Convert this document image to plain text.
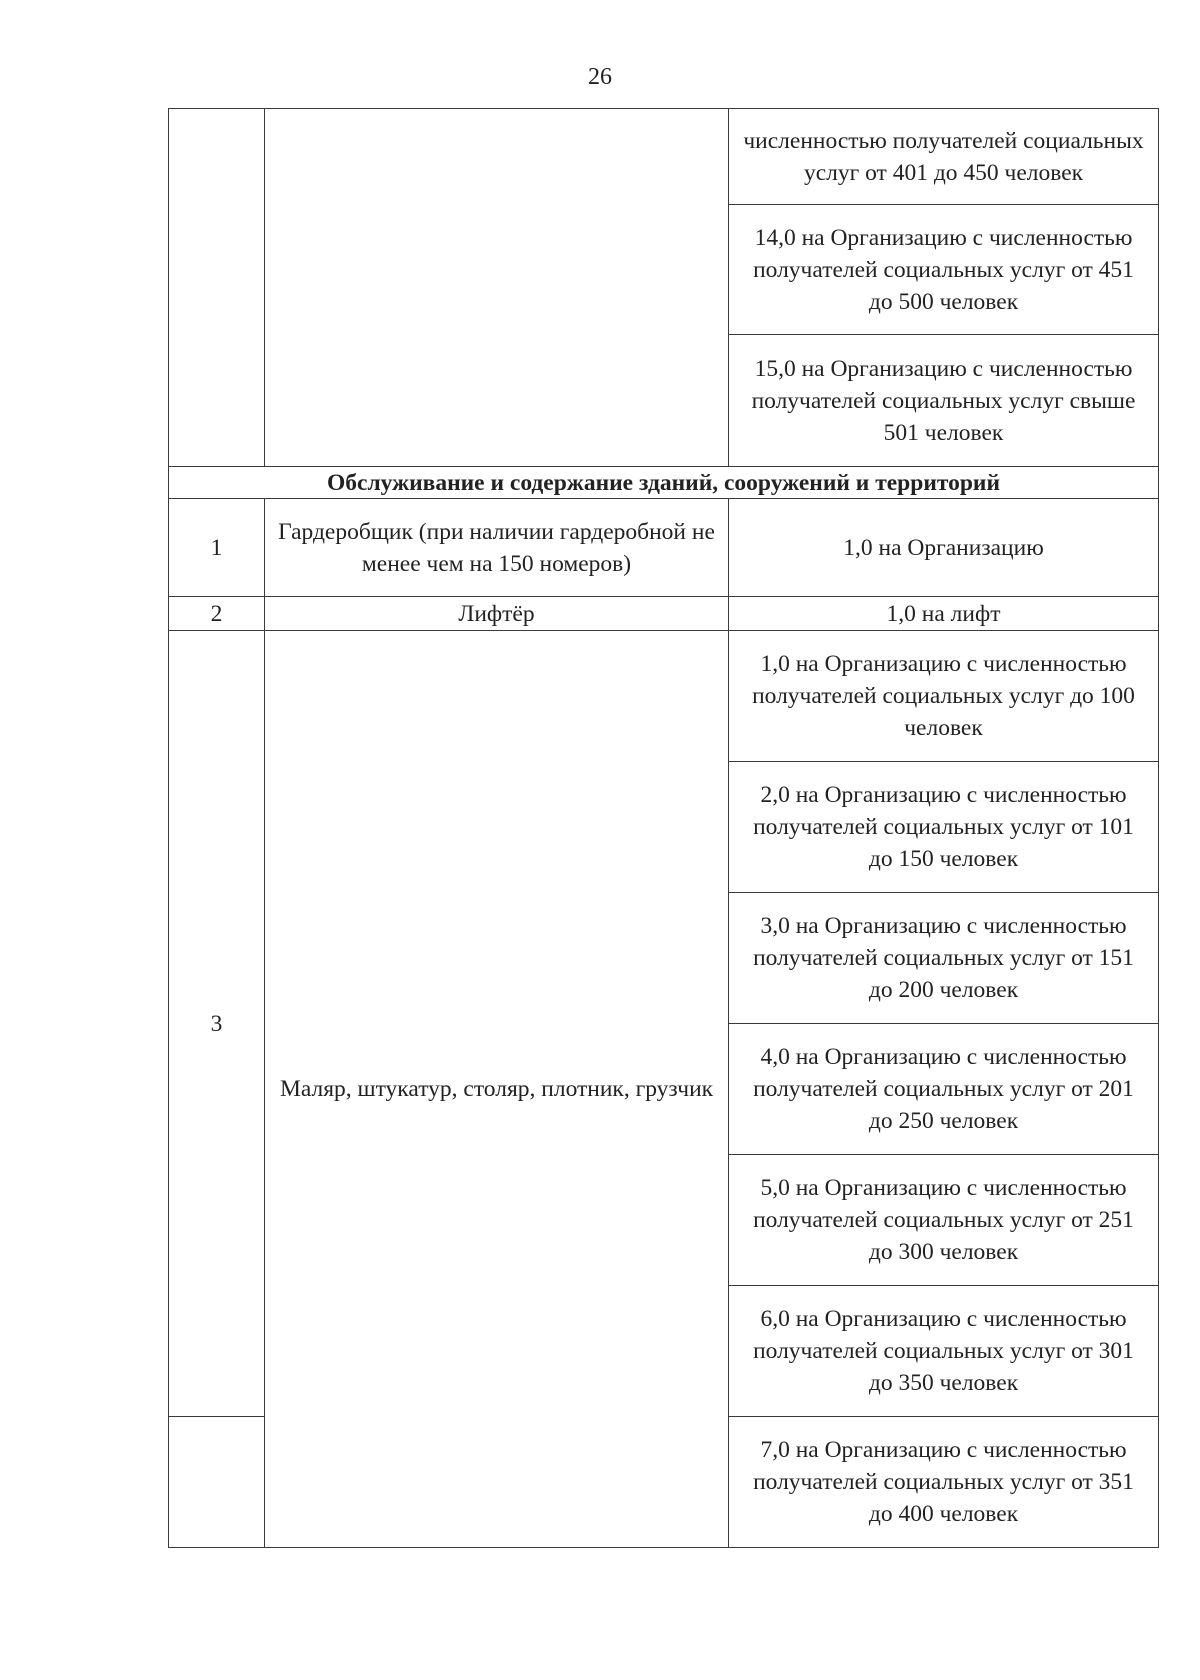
26
		численностью получателей социальных услуг от 401 до 450 человек
		14,0 на Организацию с численностью получателей социальных услуг от 451 до 500 человек
		15,0 на Организацию с численностью получателей социальных услуг свыше 501 человек
Обслуживание и содержание зданий, сооружений и территорий		
1	Гардеробщик (при наличии гардеробной не менее чем на 150 номеров)	1,0 на Организацию
2	Лифтёр	1,0 на лифт
3	Маляр, штукатур, столяр, плотник, грузчик	1,0 на Организацию с численностью получателей социальных услуг до 100 человек
		2,0 на Организацию с численностью получателей социальных услуг от 101 до 150 человек
		3,0 на Организацию с численностью получателей социальных услуг от 151 до 200 человек
		4,0 на Организацию с численностью получателей социальных услуг от 201 до 250 человек
		5,0 на Организацию с численностью получателей социальных услуг от 251 до 300 человек
		6,0 на Организацию с численностью получателей социальных услуг от 301 до 350 человек
		7,0 на Организацию с численностью получателей социальных услуг от 351 до 400 человек
